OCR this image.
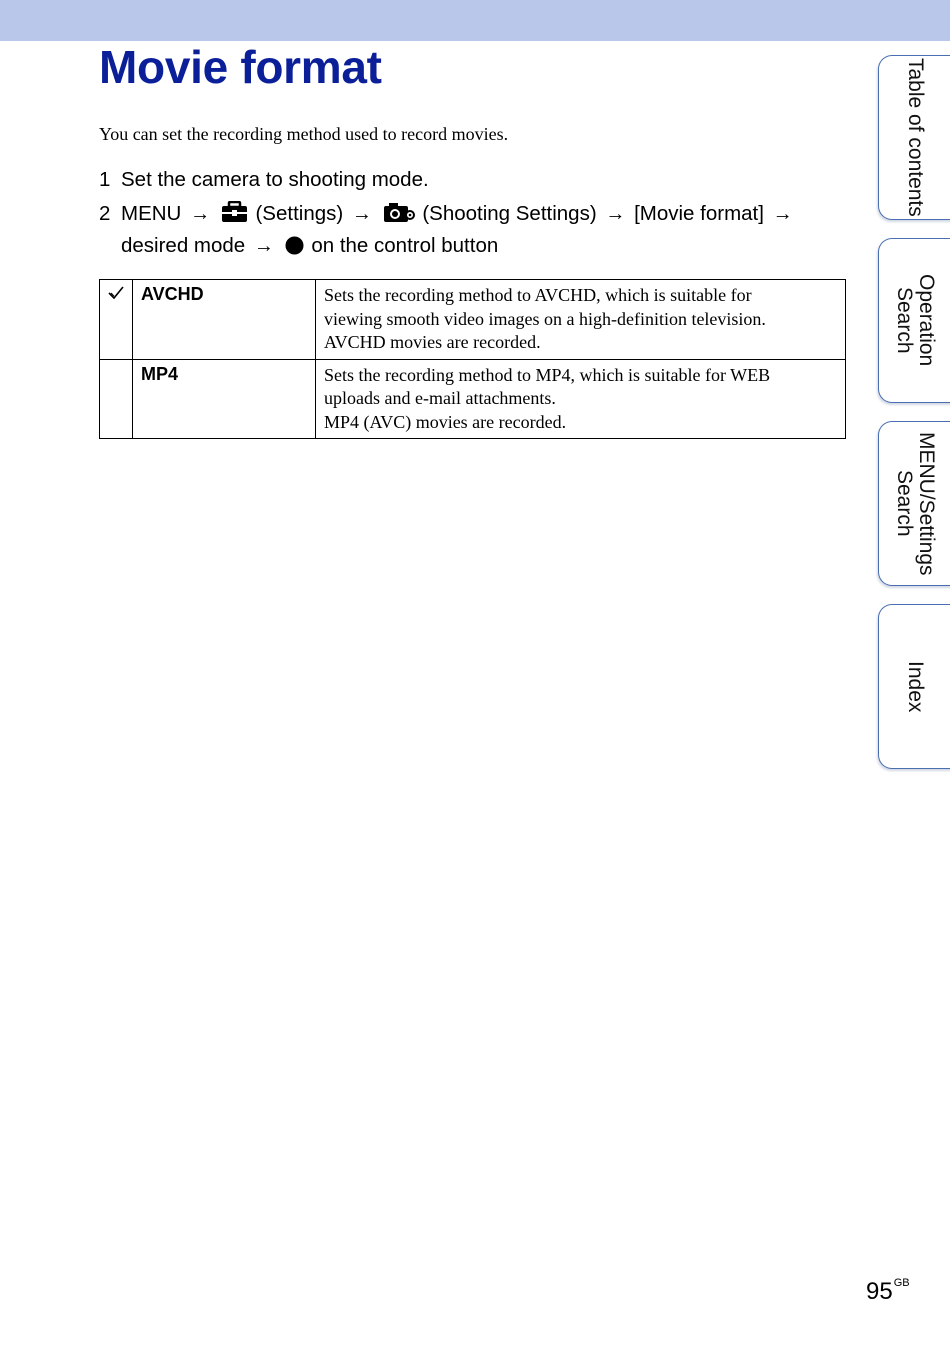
Movie format

You can set the recording method used to record movies.

1 Set the camera to shooting mode.
2 MENU → (Settings) → (Shooting Settings) → [Movie format] →
desired mode → on the control button
	AVCHD	Sets the recording method to AVCHD, which is suitable for
viewing smooth video images on a high-definition television.
AVCHD movies are recorded.

	MP4	Sets the recording method to MP4, which is suitable for WEB
uploads and e-mail attachments.
MP4 (AVC) movies are recorded.
Table of contents
Operation Search
MENU/Settings Search
Index
$95^{GB}$
